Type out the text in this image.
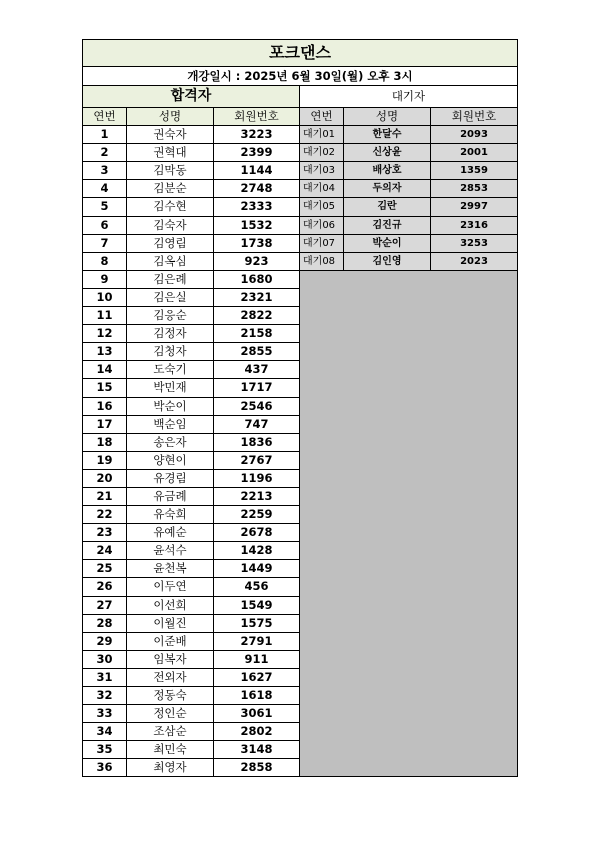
포크댄스
개강일시 : 2025년 6월 30일(월) 오후 3시
합격자	대기자
연번	성명	회원번호
1	권숙자	3223
2	권혁대	2399
3	김막동	1144
4	김분순	2748
5	김수현	2333
6	김숙자	1532
7	김영림	1738
8	김옥심	923
9	김은례	1680
10	김은실	2321
11	김응순	2822
12	김정자	2158
13	김청자	2855
14	도숙기	437
15	박민재	1717
16	박순이	2546
17	백순임	747
18	송은자	1836
19	양현이	2767
20	유경림	1196
21	유금례	2213
22	유숙희	2259
23	유예순	2678
24	윤석수	1428
25	윤천복	1449
26	이두연	456
27	이선희	1549
28	이월진	1575
29	이준배	2791
30	임복자	911
31	전외자	1627
32	정동숙	1618
33	정인순	3061
34	조삼순	2802
35	최민숙	3148
36	최영자	2858
연번	성명	회원번호
대기01	한달수	2093
대기02	신상윤	2001
대기03	배상호	1359
대기04	두의자	2853
대기05	김란	2997
대기06	김진규	2316
대기07	박순이	3253
대기08	김인영	2023
